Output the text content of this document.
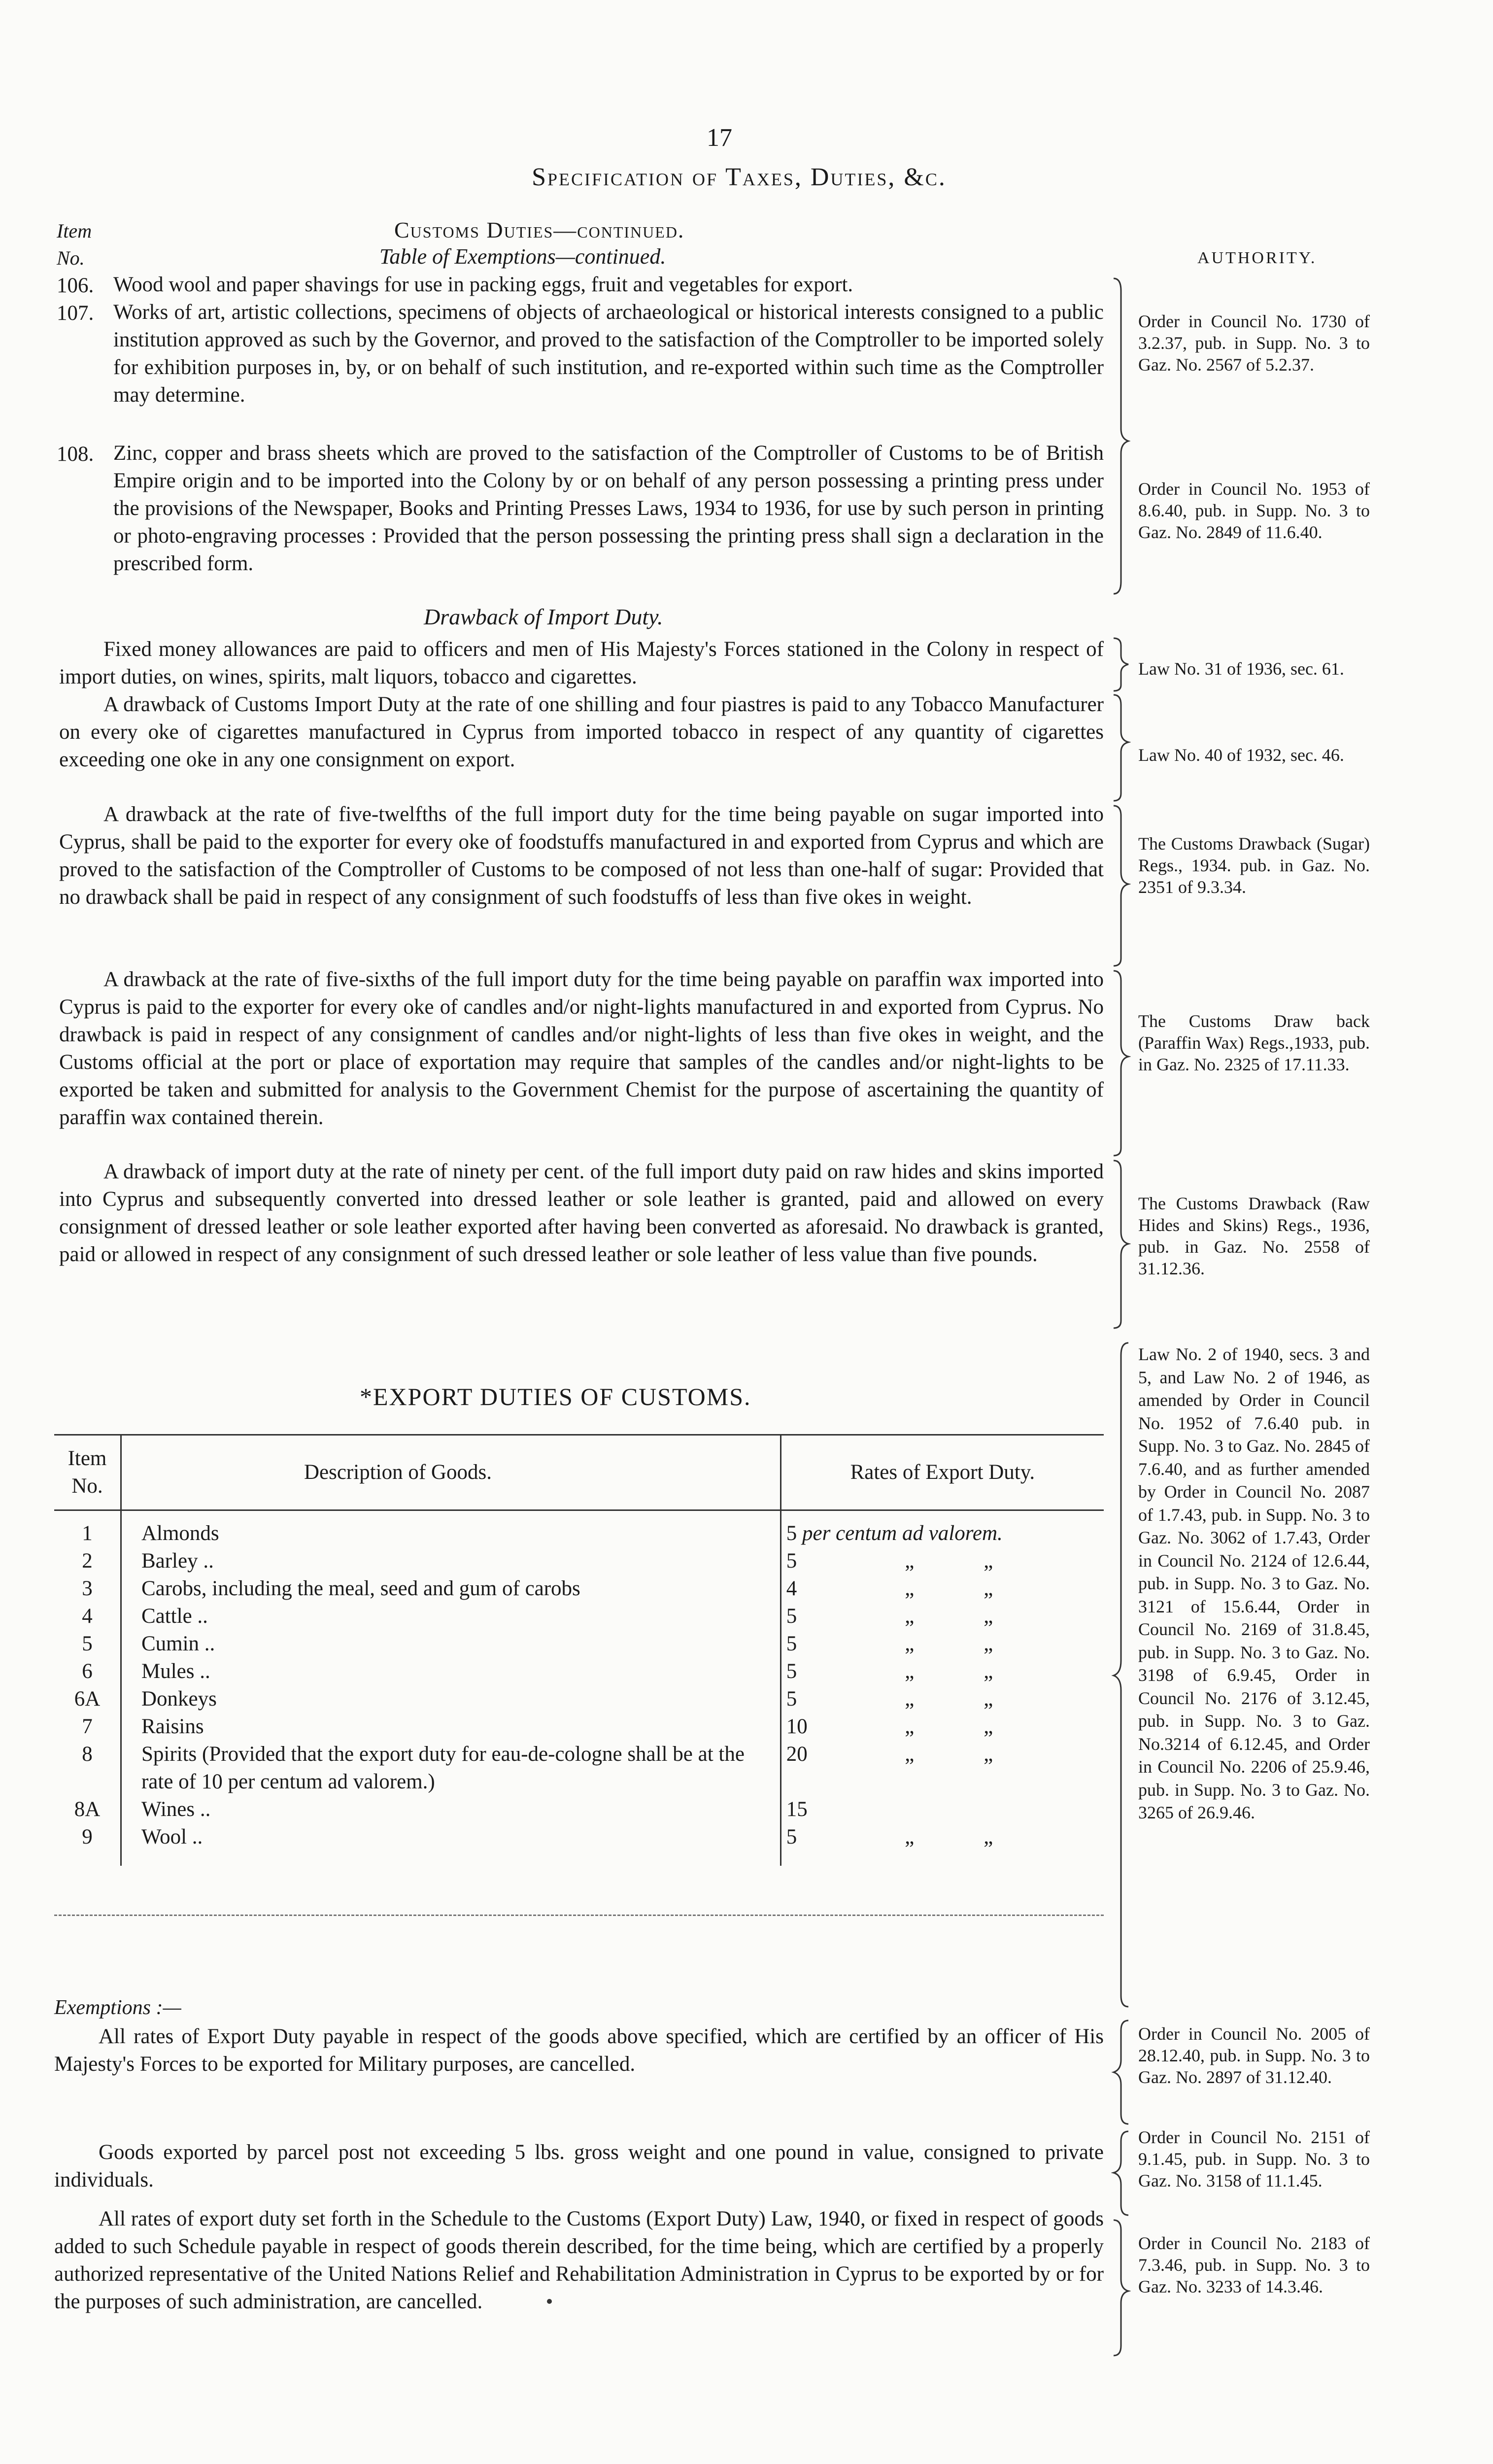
17
Specification of Taxes, Duties, &c.
Item
No.
Customs Duties—continued.
Table of Exemptions—continued.	AUTHORITY.
106. Wood wool and paper shavings for use in packing eggs, fruit and vegetables for export.
107. Works of art, artistic collections, specimens of objects of archaeological or historical interests consigned to a public institution approved as such by the Governor, and proved to the satisfaction of the Comptroller to be imported solely for exhibition purposes in, by, or on behalf of such institution, and re-exported within such time as the Comptroller may determine.
108. Zinc, copper and brass sheets which are proved to the satisfaction of the Comptroller of Customs to be of British Empire origin and to be imported into the Colony by or on behalf of any person possessing a printing press under the provisions of the Newspaper, Books and Printing Presses Laws, 1934 to 1936, for use by such person in printing or photo-engraving processes : Provided that the person possessing the printing press shall sign a declaration in the prescribed form.
Order in Council No. 1730 of 3.2.37, pub. in Supp. No. 3 to Gaz. No. 2567 of 5.2.37.
Order in Council No. 1953 of 8.6.40, pub. in Supp. No. 3 to Gaz. No. 2849 of 11.6.40.
Drawback of Import Duty.
Fixed money allowances are paid to officers and men of His Majesty's Forces stationed in the Colony in respect of import duties, on wines, spirits, malt liquors, tobacco and cigarettes.
A drawback of Customs Import Duty at the rate of one shilling and four piastres is paid to any Tobacco Manufacturer on every oke of cigarettes manufactured in Cyprus from imported tobacco in respect of any quantity of cigarettes exceeding one oke in any one consignment on export.
A drawback at the rate of five-twelfths of the full import duty for the time being payable on sugar imported into Cyprus, shall be paid to the exporter for every oke of foodstuffs manufactured in and exported from Cyprus and which are proved to the satisfaction of the Comptroller of Customs to be composed of not less than one-half of sugar: Provided that no drawback shall be paid in respect of any consignment of such foodstuffs of less than five okes in weight.
A drawback at the rate of five-sixths of the full import duty for the time being payable on paraffin wax imported into Cyprus is paid to the exporter for every oke of candles and/or night-lights manufactured in and exported from Cyprus. No drawback is paid in respect of any consignment of candles and/or night-lights of less than five okes in weight, and the Customs official at the port or place of exportation may require that samples of the candles and/or night-lights to be exported be taken and submitted for analysis to the Government Chemist for the purpose of ascertaining the quantity of paraffin wax contained therein.
A drawback of import duty at the rate of ninety per cent. of the full import duty paid on raw hides and skins imported into Cyprus and subsequently converted into dressed leather or sole leather is granted, paid and allowed on every consignment of dressed leather or sole leather exported after having been converted as aforesaid. No drawback is granted, paid or allowed in respect of any consignment of such dressed leather or sole leather of less value than five pounds.
Law No. 31 of 1936, sec. 61.
Law No. 40 of 1932, sec. 46.
The Customs Drawback (Sugar) Regs., 1934. pub. in Gaz. No. 2351 of 9.3.34.
The Customs Draw back (Paraffin Wax) Regs.,1933, pub. in Gaz. No. 2325 of 17.11.33.
The Customs Drawback (Raw Hides and Skins) Regs., 1936, pub. in Gaz. No. 2558 of 31.12.36.
*EXPORT DUTIES OF CUSTOMS.
Item No.	Description of Goods.	Rates of Export Duty.
1	Almonds	5 per centum ad valorem.
2	Barley ..	5 „ „

3	Carobs, including the meal, seed and gum of carobs	4 „ „

4	Cattle ..	5 „ „

5	Cumin ..	5 „ „

6	Mules ..	5 „ „

6A	Donkeys	5 „ „

7	Raisins	10 „ „

8	Spirits (Provided that the export duty for eau-de-cologne shall be at the rate of 10 per centum ad valorem.)	20 „ „

8A	Wines ..	15

9	Wool ..	5 „ „
Law No. 2 of 1940, secs. 3 and 5, and Law No. 2 of 1946, as amended by Order in Council No. 1952 of 7.6.40 pub. in Supp. No. 3 to Gaz. No. 2845 of 7.6.40, and as further amended by Order in Council No. 2087 of 1.7.43, pub. in Supp. No. 3 to Gaz. No. 3062 of 1.7.43, Order in Council No. 2124 of 12.6.44, pub. in Supp. No. 3 to Gaz. No. 3121 of 15.6.44, Order in Council No. 2169 of 31.8.45, pub. in Supp. No. 3 to Gaz. No. 3198 of 6.9.45, Order in Council No. 2176 of 3.12.45, pub. in Supp. No. 3 to Gaz. No.3214 of 6.12.45, and Order in Council No. 2206 of 25.9.46, pub. in Supp. No. 3 to Gaz. No. 3265 of 26.9.46.
Exemptions :—
All rates of Export Duty payable in respect of the goods above specified, which are certified by an officer of His Majesty's Forces to be exported for Military purposes, are cancelled.
Goods exported by parcel post not exceeding 5 lbs. gross weight and one pound in value, consigned to private individuals.
All rates of export duty set forth in the Schedule to the Customs (Export Duty) Law, 1940, or fixed in respect of goods added to such Schedule payable in respect of goods therein described, for the time being, which are certified by a properly authorized representative of the United Nations Relief and Rehabilitation Administration in Cyprus to be exported by or for the purposes of such administration, are cancelled.
Order in Council No. 2005 of 28.12.40, pub. in Supp. No. 3 to Gaz. No. 2897 of 31.12.40.
Order in Council No. 2151 of 9.1.45, pub. in Supp. No. 3 to Gaz. No. 3158 of 11.1.45.
Order in Council No. 2183 of 7.3.46, pub. in Supp. No. 3 to Gaz. No. 3233 of 14.3.46.
